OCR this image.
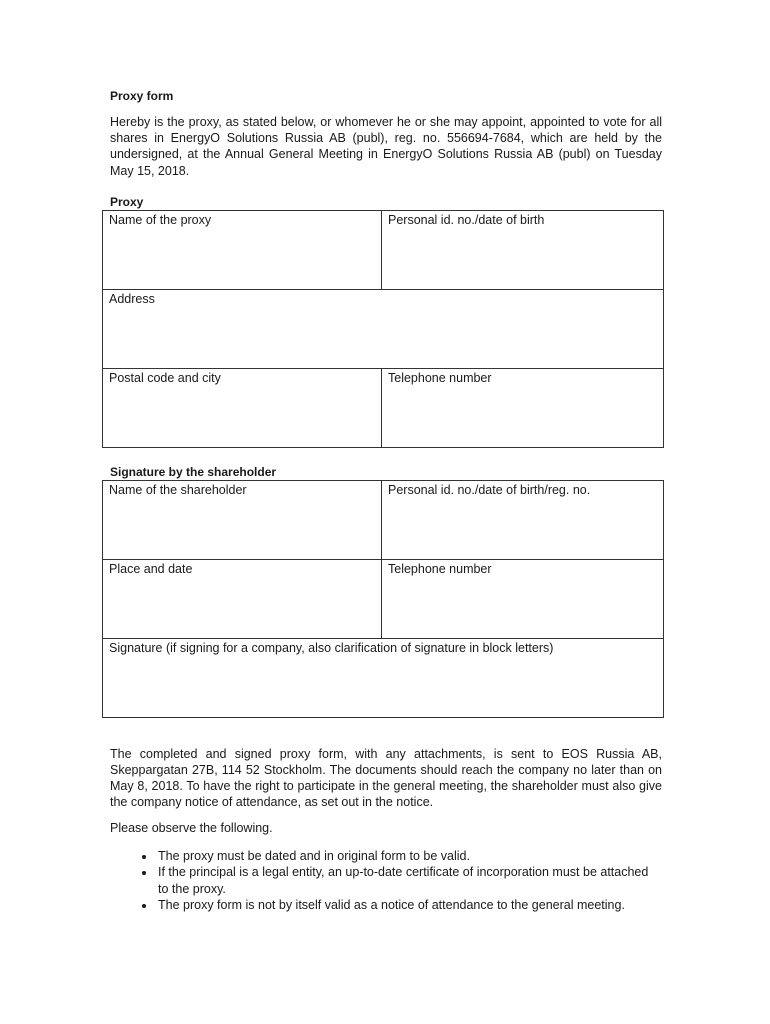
Proxy form

Hereby is the proxy, as stated below, or whomever he or she may appoint, appointed to vote for all shares in EnergyO Solutions Russia AB (publ), reg. no. 556694-7684, which are held by the undersigned, at the Annual General Meeting in EnergyO Solutions Russia AB (publ) on Tuesday May 15, 2018.

Proxy

Name of the proxy	Personal id. no./date of birth
Address	
Postal code and city	Telephone number

Signature by the shareholder

Name of the shareholder	Personal id. no./date of birth/reg. no.
Place and date	Telephone number
Signature (if signing for a company, also clarification of signature in block letters)	

The completed and signed proxy form, with any attachments, is sent to EOS Russia AB, Skeppargatan 27B, 114 52 Stockholm. The documents should reach the company no later than on May 8, 2018. To have the right to participate in the general meeting, the shareholder must also give the company notice of attendance, as set out in the notice.

Please observe the following.

• The proxy must be dated and in original form to be valid.
• If the principal is a legal entity, an up-to-date certificate of incorporation must be attached to the proxy.
• The proxy form is not by itself valid as a notice of attendance to the general meeting.
